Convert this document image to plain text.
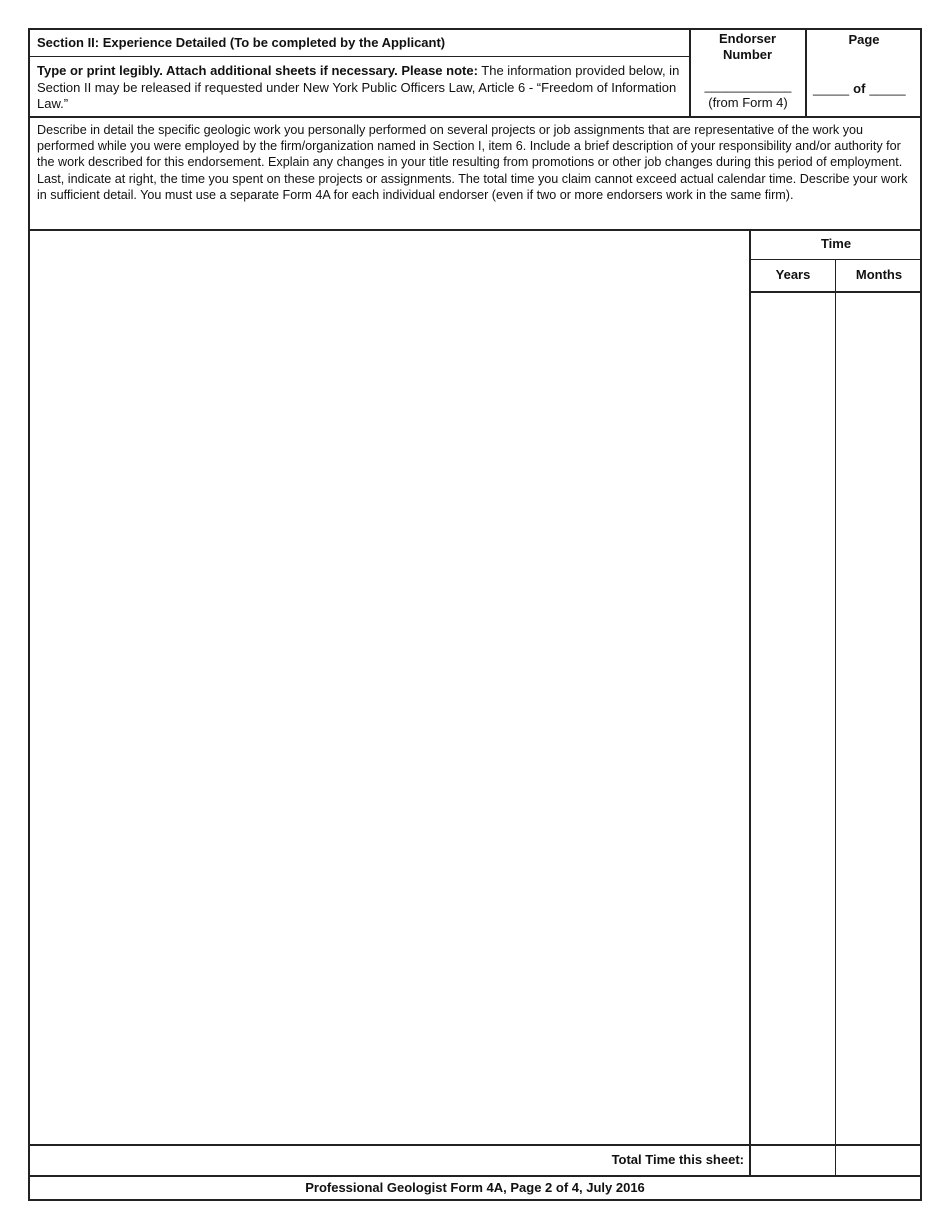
Section II: Experience Detailed (To be completed by the Applicant)
Type or print legibly. Attach additional sheets if necessary. Please note: The information provided below, in Section II may be released if requested under New York Public Officers Law, Article 6 - “Freedom of Information Law.”
Endorser Number
____________
(from Form 4)
Page
_____ of _____
Describe in detail the specific geologic work you personally performed on several projects or job assignments that are representative of the work you performed while you were employed by the firm/organization named in Section I, item 6. Include a brief description of your responsibility and/or authority for the work described for this endorsement. Explain any changes in your title resulting from promotions or other job changes during this period of employment. Last, indicate at right, the time you spent on these projects or assignments. The total time you claim cannot exceed actual calendar time. Describe your work in sufficient detail. You must use a separate Form 4A for each individual endorser (even if two or more endorsers work in the same firm).
Time
Years	Months
Total Time this sheet:
Professional Geologist Form 4A, Page 2 of 4, July 2016
